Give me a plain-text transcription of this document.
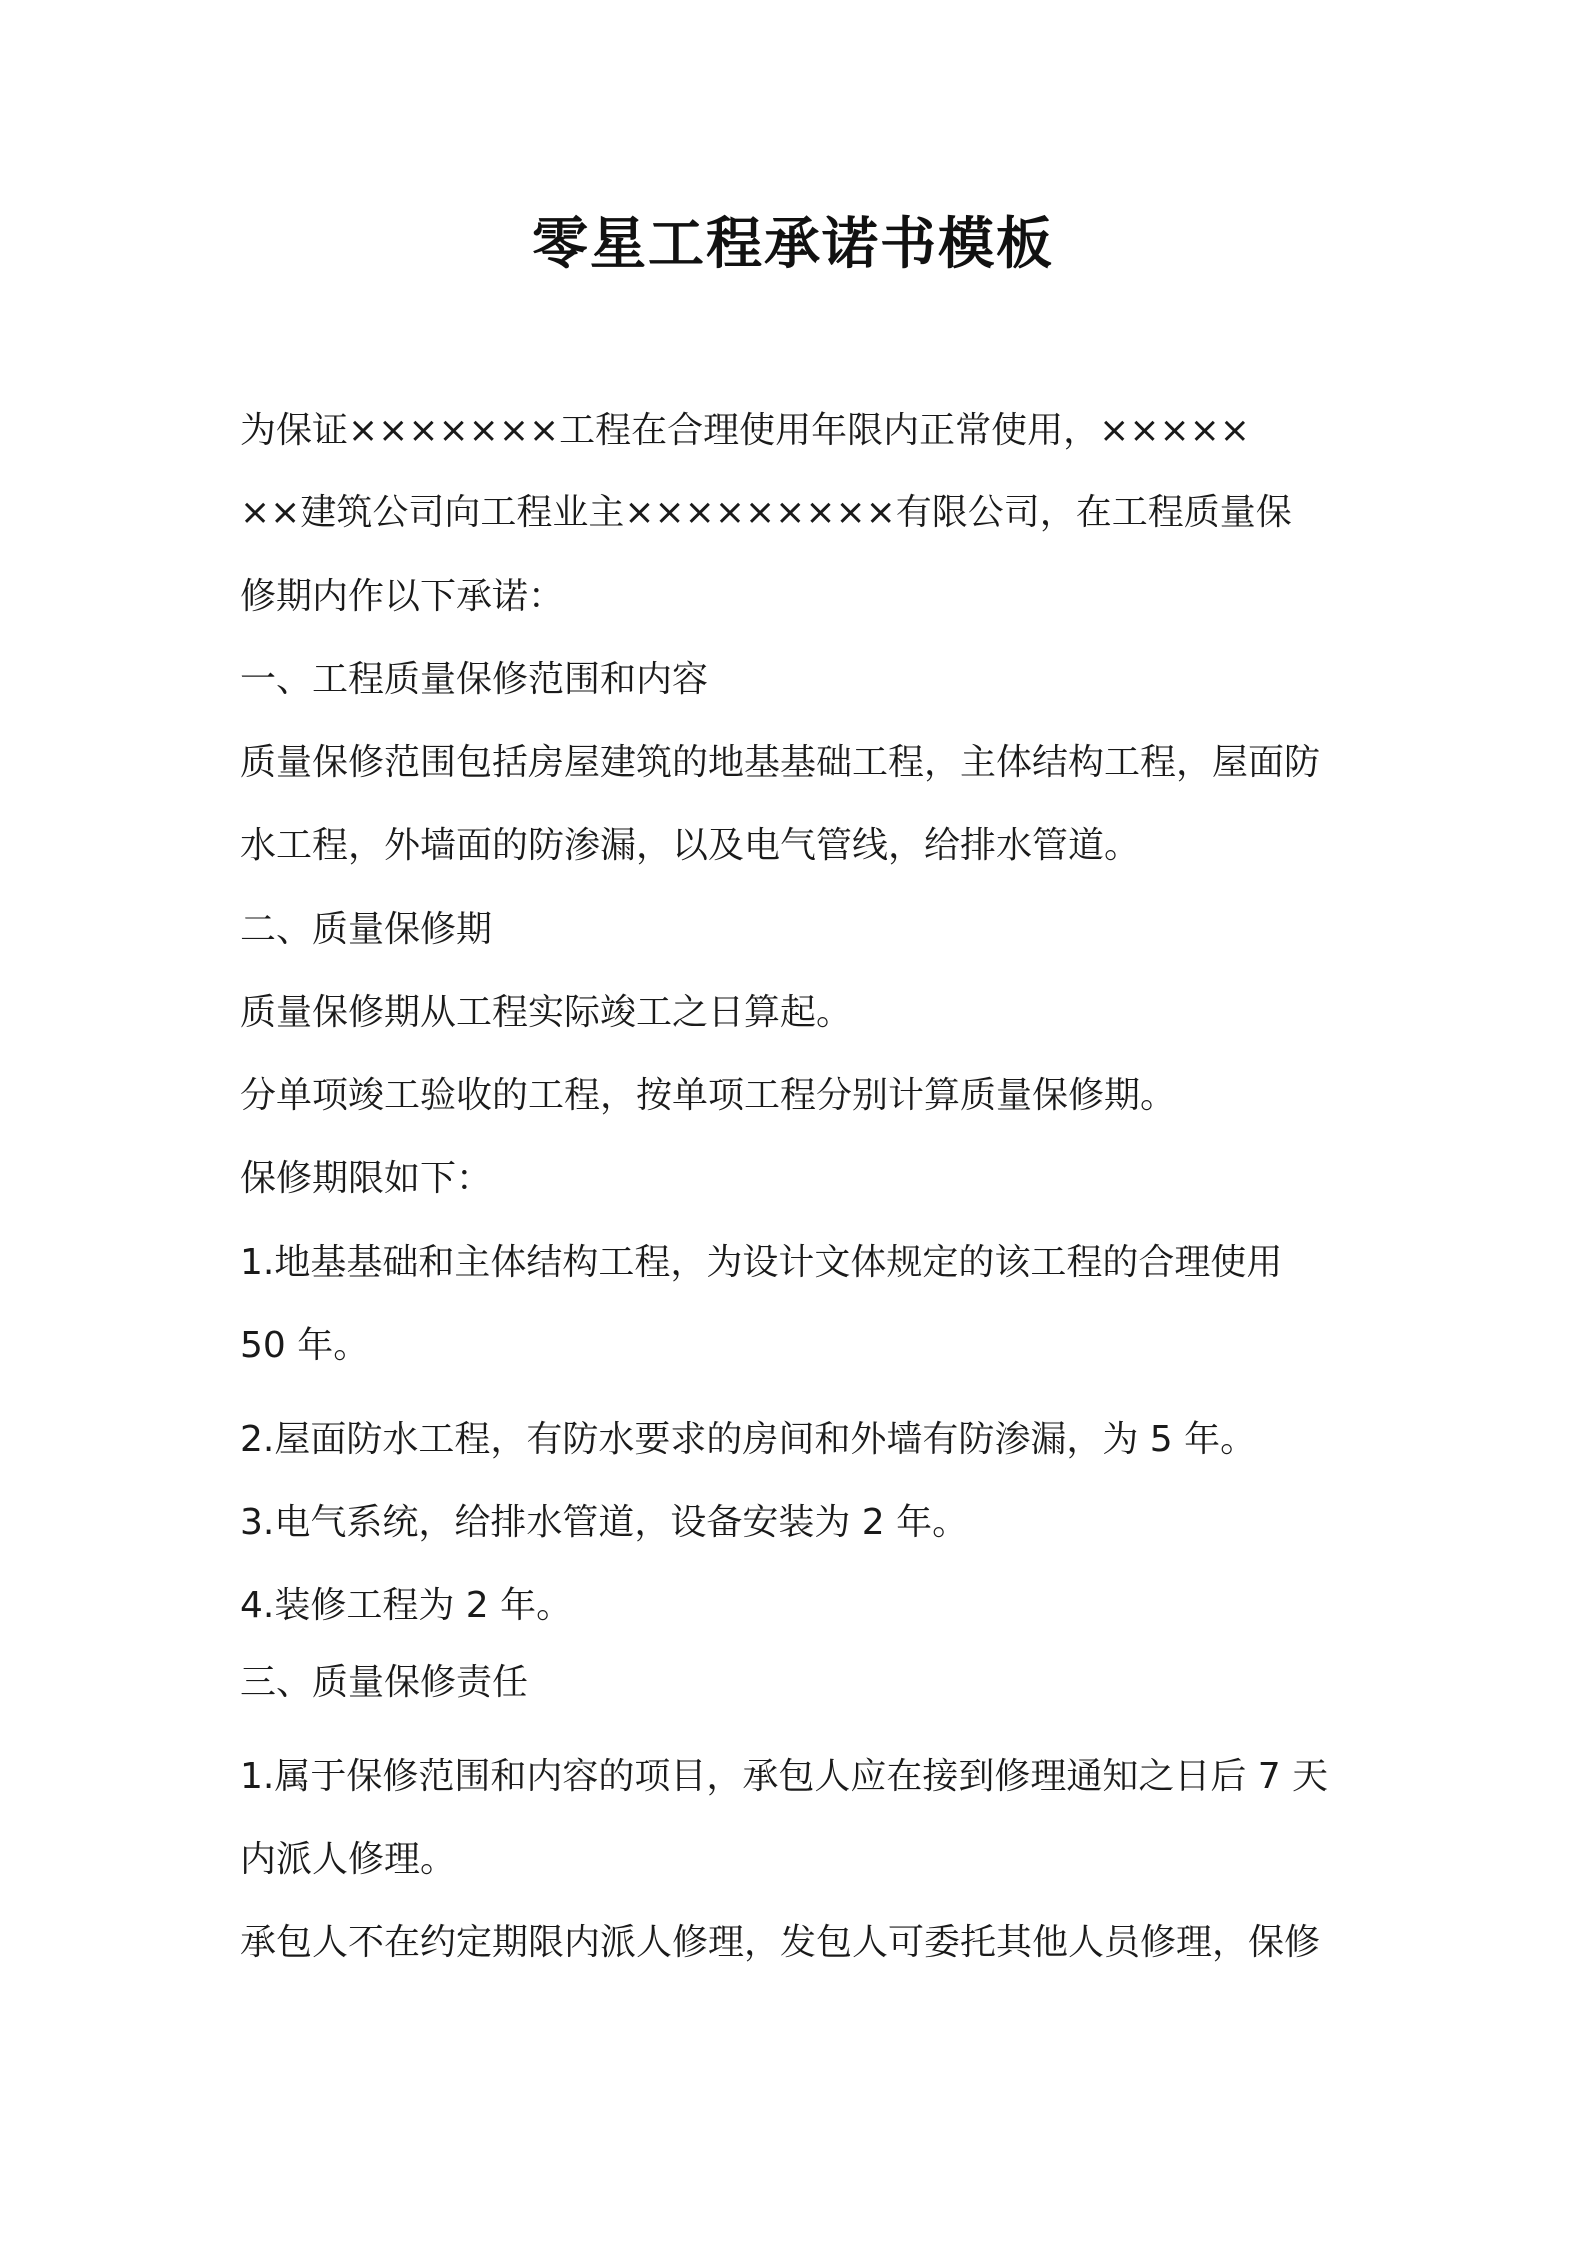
零星工程承诺书模板
为保证×××××××工程在合理使用年限内正常使用，×××××
××建筑公司向工程业主×××××××××有限公司，在工程质量保
修期内作以下承诺：
一、工程质量保修范围和内容
质量保修范围包括房屋建筑的地基基础工程，主体结构工程，屋面防
水工程，外墙面的防渗漏，以及电气管线，给排水管道。
二、质量保修期
质量保修期从工程实际竣工之日算起。
分单项竣工验收的工程，按单项工程分别计算质量保修期。
保修期限如下：
1.地基基础和主体结构工程，为设计文体规定的该工程的合理使用
50 年。
2.屋面防水工程，有防水要求的房间和外墙有防渗漏，为 5 年。
3.电气系统，给排水管道，设备安装为 2 年。
4.装修工程为 2 年。
三、质量保修责任
1.属于保修范围和内容的项目，承包人应在接到修理通知之日后 7 天
内派人修理。
承包人不在约定期限内派人修理，发包人可委托其他人员修理，保修
